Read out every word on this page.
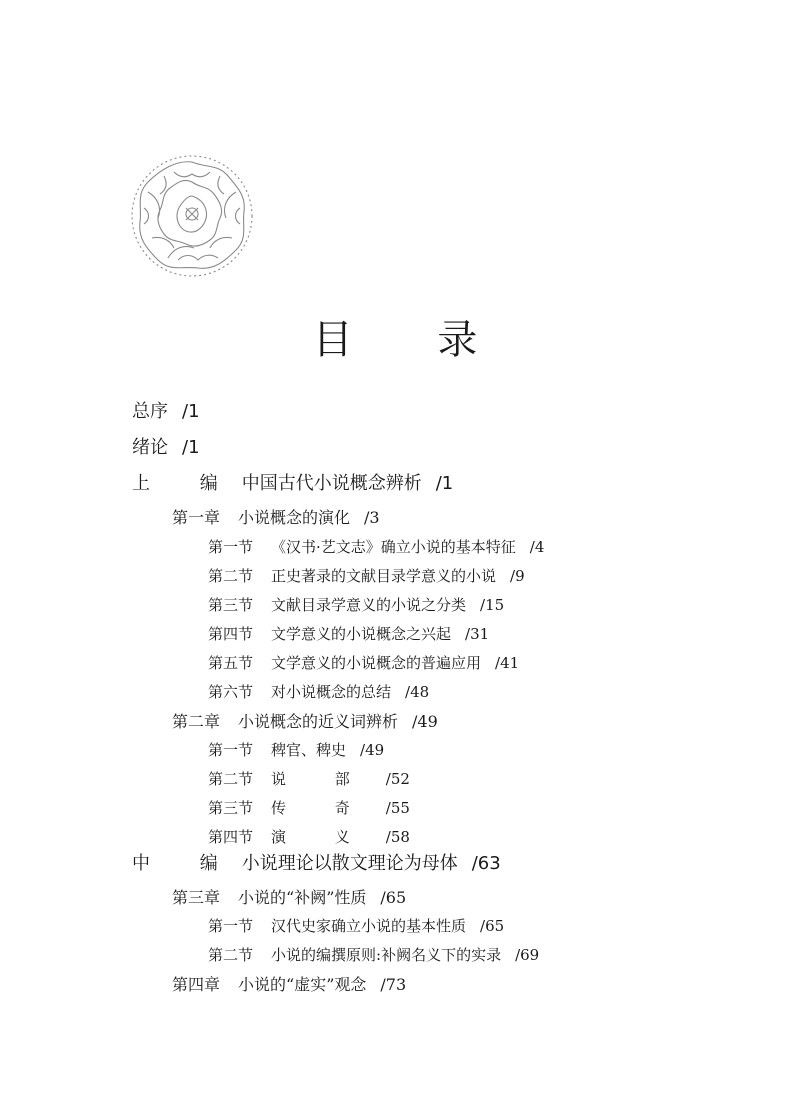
目 录
总序 /1
绪论 /1
上 编 中国古代小说概念辨析 /1
第一章 小说概念的演化 /3
第一节 《汉书·艺文志》确立小说的基本特征 /4
第二节 正史著录的文献目录学意义的小说 /9
第三节 文献目录学意义的小说之分类 /15
第四节 文学意义的小说概念之兴起 /31
第五节 文学意义的小说概念的普遍应用 /41
第六节 对小说概念的总结 /48
第二章 小说概念的近义词辨析 /49
第一节 稗官、稗史 /49
第二节 说 部 /52
第三节 传 奇 /55
第四节 演 义 /58
中 编 小说理论以散文理论为母体 /63
第三章 小说的“补阙”性质 /65
第一节 汉代史家确立小说的基本性质 /65
第二节 小说的编撰原则:补阙名义下的实录 /69
第四章 小说的“虚实”观念 /73
